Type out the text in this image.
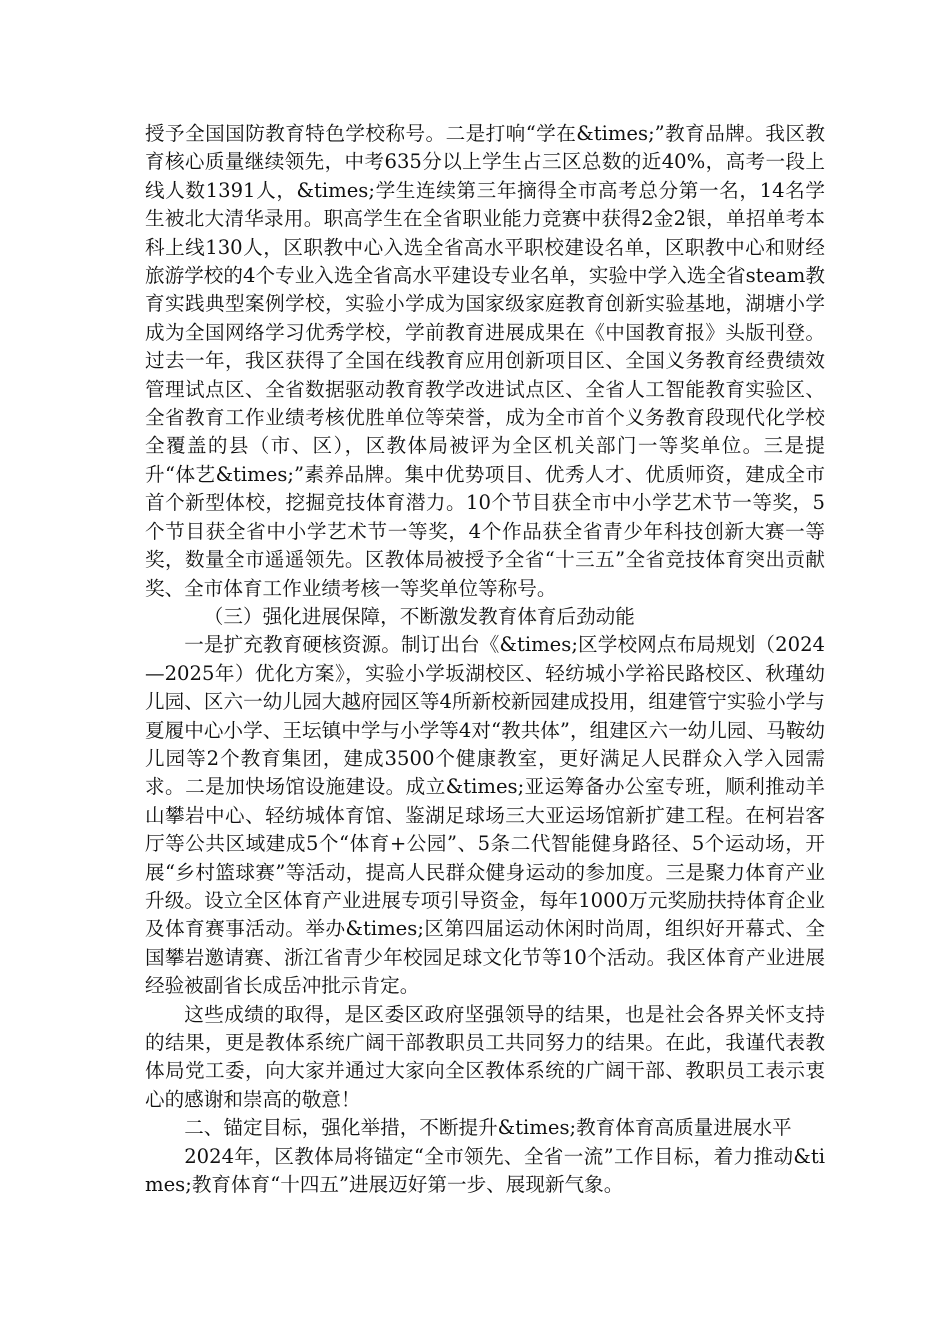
授予全国国防教育特色学校称号。二是打响“学在&times;”教育品牌。我区教育核心质量继续领先，中考635分以上学生占三区总数的近40%，高考一段上线人数1391人，&times;学生连续第三年摘得全市高考总分第一名，14名学生被北大清华录用。职高学生在全省职业能力竞赛中获得2金2银，单招单考本科上线130人，区职教中心入选全省高水平职校建设名单，区职教中心和财经旅游学校的4个专业入选全省高水平建设专业名单，实验中学入选全省steam教育实践典型案例学校，实验小学成为国家级家庭教育创新实验基地，湖塘小学成为全国网络学习优秀学校，学前教育进展成果在《中国教育报》头版刊登。过去一年，我区获得了全国在线教育应用创新项目区、全国义务教育经费绩效管理试点区、全省数据驱动教育教学改进试点区、全省人工智能教育实验区、全省教育工作业绩考核优胜单位等荣誉，成为全市首个义务教育段现代化学校全覆盖的县（市、区），区教体局被评为全区机关部门一等奖单位。三是提升“体艺&times;”素养品牌。集中优势项目、优秀人才、优质师资，建成全市首个新型体校，挖掘竞技体育潜力。10个节目获全市中小学艺术节一等奖，5个节目获全省中小学艺术节一等奖，4个作品获全省青少年科技创新大赛一等奖，数量全市遥遥领先。区教体局被授予全省“十三五”全省竞技体育突出贡献奖、全市体育工作业绩考核一等奖单位等称号。

（三）强化进展保障，不断激发教育体育后劲动能

一是扩充教育硬核资源。制订出台《&times;区学校网点布局规划（2024—2025年）优化方案》，实验小学坂湖校区、轻纺城小学裕民路校区、秋瑾幼儿园、区六一幼儿园大越府园区等4所新校新园建成投用，组建管宁实验小学与夏履中心小学、王坛镇中学与小学等4对“教共体”，组建区六一幼儿园、马鞍幼儿园等2个教育集团，建成3500个健康教室，更好满足人民群众入学入园需求。二是加快场馆设施建设。成立&times;亚运筹备办公室专班，顺利推动羊山攀岩中心、轻纺城体育馆、鉴湖足球场三大亚运场馆新扩建工程。在柯岩客厅等公共区域建成5个“体育+公园”、5条二代智能健身路径、5个运动场，开展“乡村篮球赛”等活动，提高人民群众健身运动的参加度。三是聚力体育产业升级。设立全区体育产业进展专项引导资金，每年1000万元奖励扶持体育企业及体育赛事活动。举办&times;区第四届运动休闲时尚周，组织好开幕式、全国攀岩邀请赛、浙江省青少年校园足球文化节等10个活动。我区体育产业进展经验被副省长成岳冲批示肯定。

这些成绩的取得，是区委区政府坚强领导的结果，也是社会各界关怀支持的结果，更是教体系统广阔干部教职员工共同努力的结果。在此，我谨代表教体局党工委，向大家并通过大家向全区教体系统的广阔干部、教职员工表示衷心的感谢和崇高的敬意！

二、锚定目标，强化举措，不断提升&times;教育体育高质量进展水平

2024年，区教体局将锚定“全市领先、全省一流”工作目标，着力推动&times;教育体育“十四五”进展迈好第一步、展现新气象。
